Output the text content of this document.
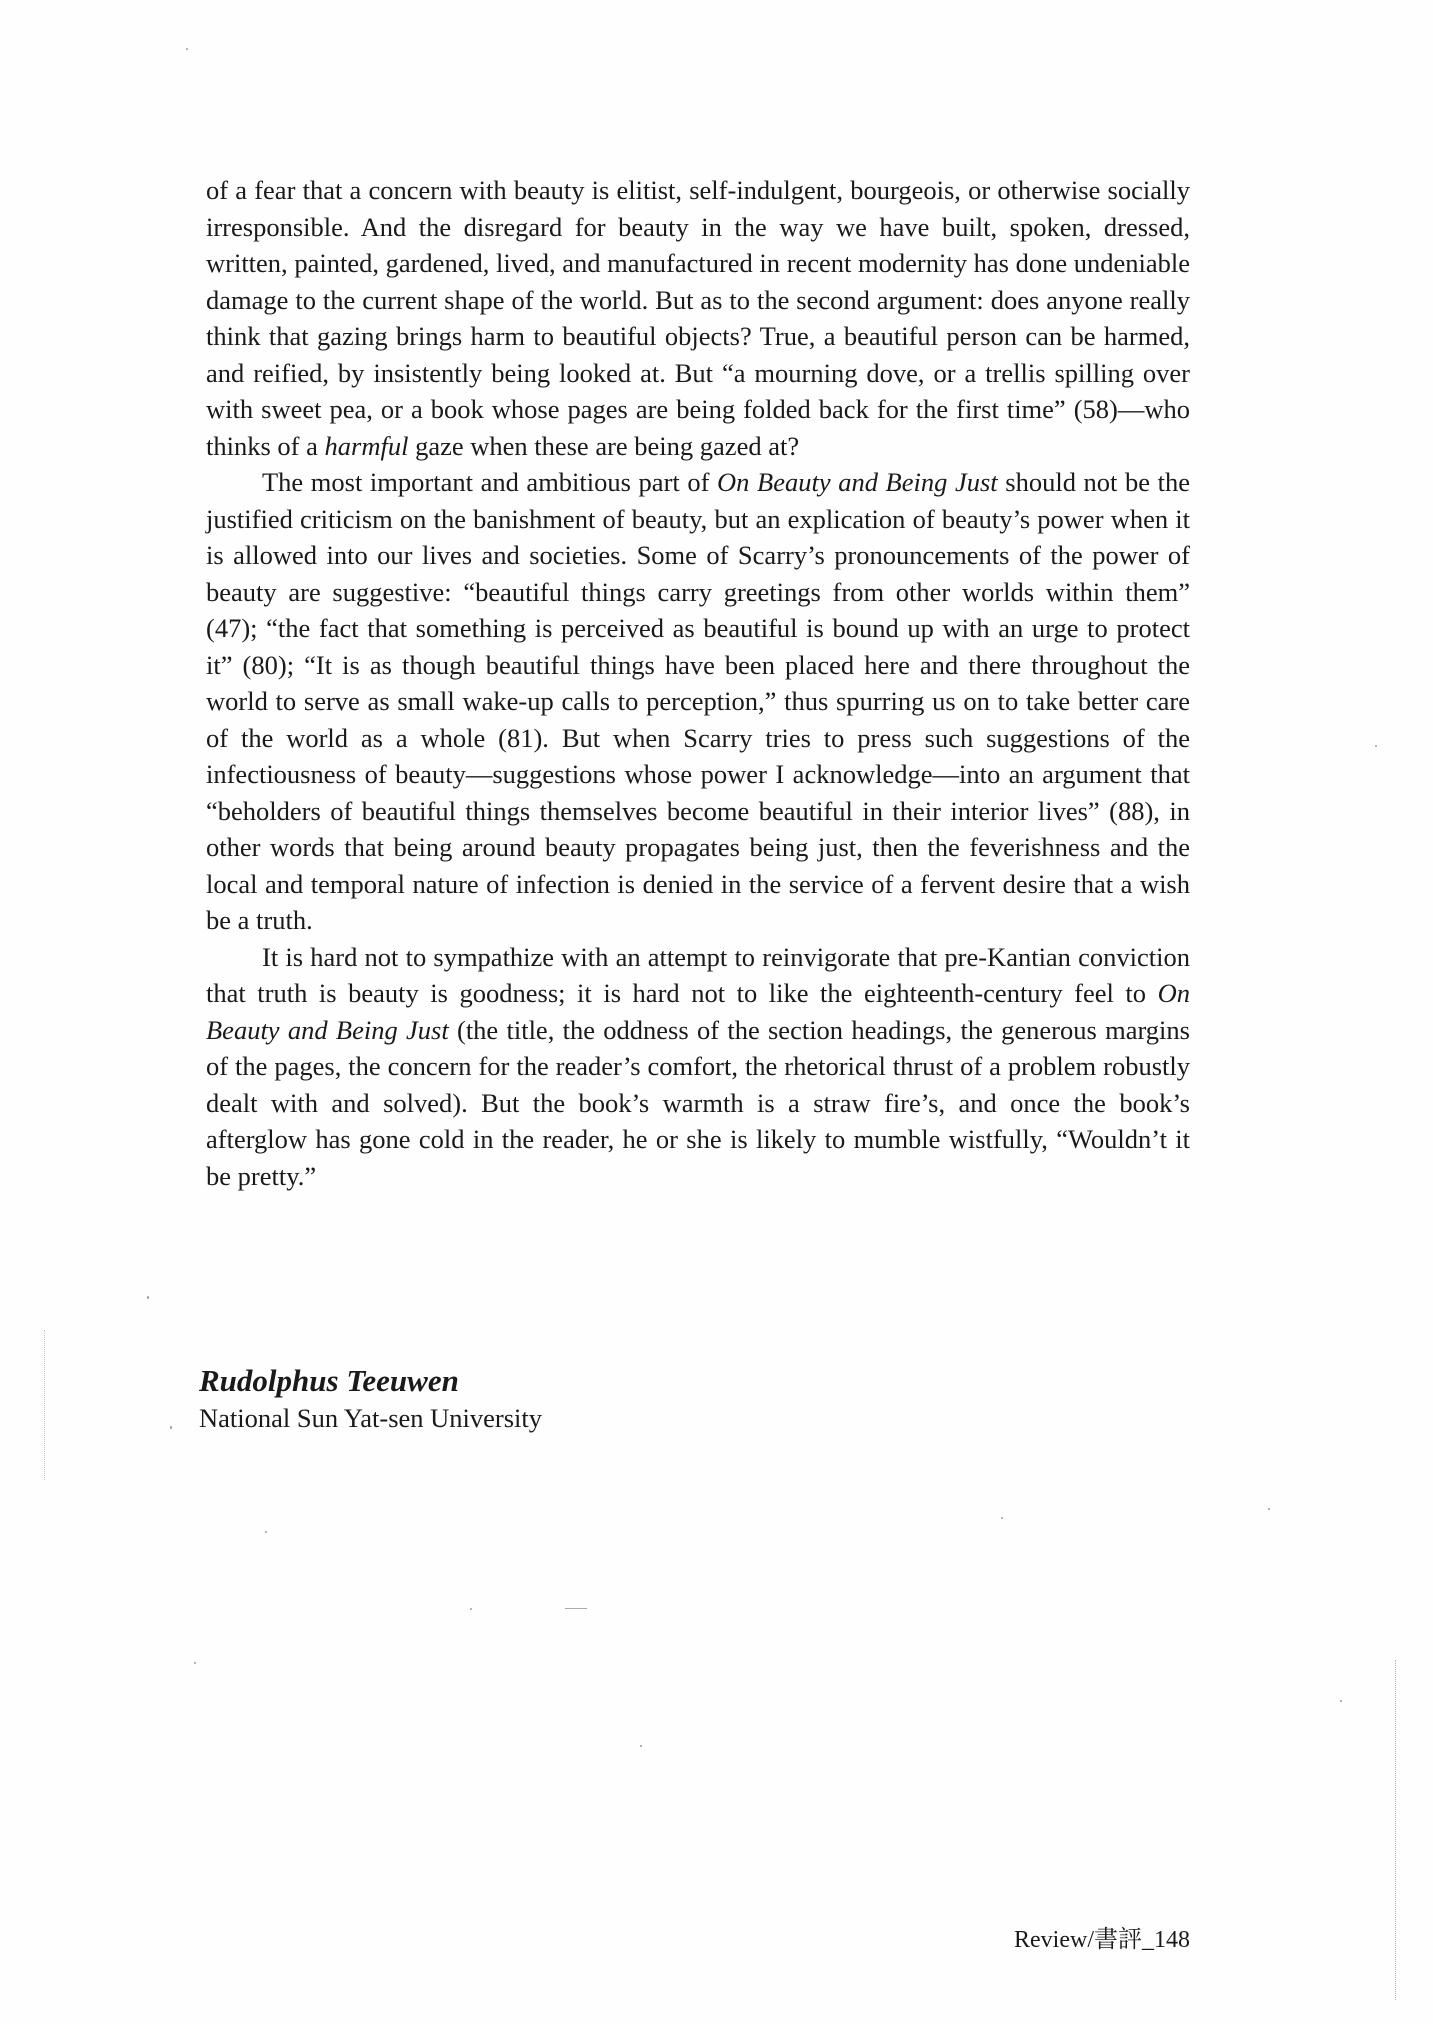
of a fear that a concern with beauty is elitist, self-indulgent, bourgeois, or otherwise socially irresponsible. And the disregard for beauty in the way we have built, spoken, dressed, written, painted, gardened, lived, and manufactured in recent modernity has done undeniable damage to the current shape of the world. But as to the second argument: does anyone really think that gazing brings harm to beautiful objects? True, a beautiful person can be harmed, and reified, by insistently being looked at. But “a mourning dove, or a trellis spilling over with sweet pea, or a book whose pages are being folded back for the first time” (58)—who thinks of a harmful gaze when these are being gazed at?

The most important and ambitious part of On Beauty and Being Just should not be the justified criticism on the banishment of beauty, but an explication of beauty’s power when it is allowed into our lives and societies. Some of Scarry’s pronouncements of the power of beauty are suggestive: “beautiful things carry greetings from other worlds within them” (47); “the fact that something is perceived as beautiful is bound up with an urge to protect it” (80); “It is as though beautiful things have been placed here and there throughout the world to serve as small wake-up calls to perception,” thus spurring us on to take better care of the world as a whole (81). But when Scarry tries to press such suggestions of the infectiousness of beauty—suggestions whose power I acknowledge—into an argument that “beholders of beautiful things themselves become beautiful in their interior lives” (88), in other words that being around beauty propagates being just, then the feverishness and the local and temporal nature of infection is denied in the service of a fervent desire that a wish be a truth.

It is hard not to sympathize with an attempt to reinvigorate that pre-Kantian conviction that truth is beauty is goodness; it is hard not to like the eighteenth-century feel to On Beauty and Being Just (the title, the oddness of the section headings, the generous margins of the pages, the concern for the reader’s comfort, the rhetorical thrust of a problem robustly dealt with and solved). But the book’s warmth is a straw fire’s, and once the book’s afterglow has gone cold in the reader, he or she is likely to mumble wistfully, “Wouldn’t it be pretty.”

Rudolphus Teeuwen

National Sun Yat-sen University

Review/書評_148
